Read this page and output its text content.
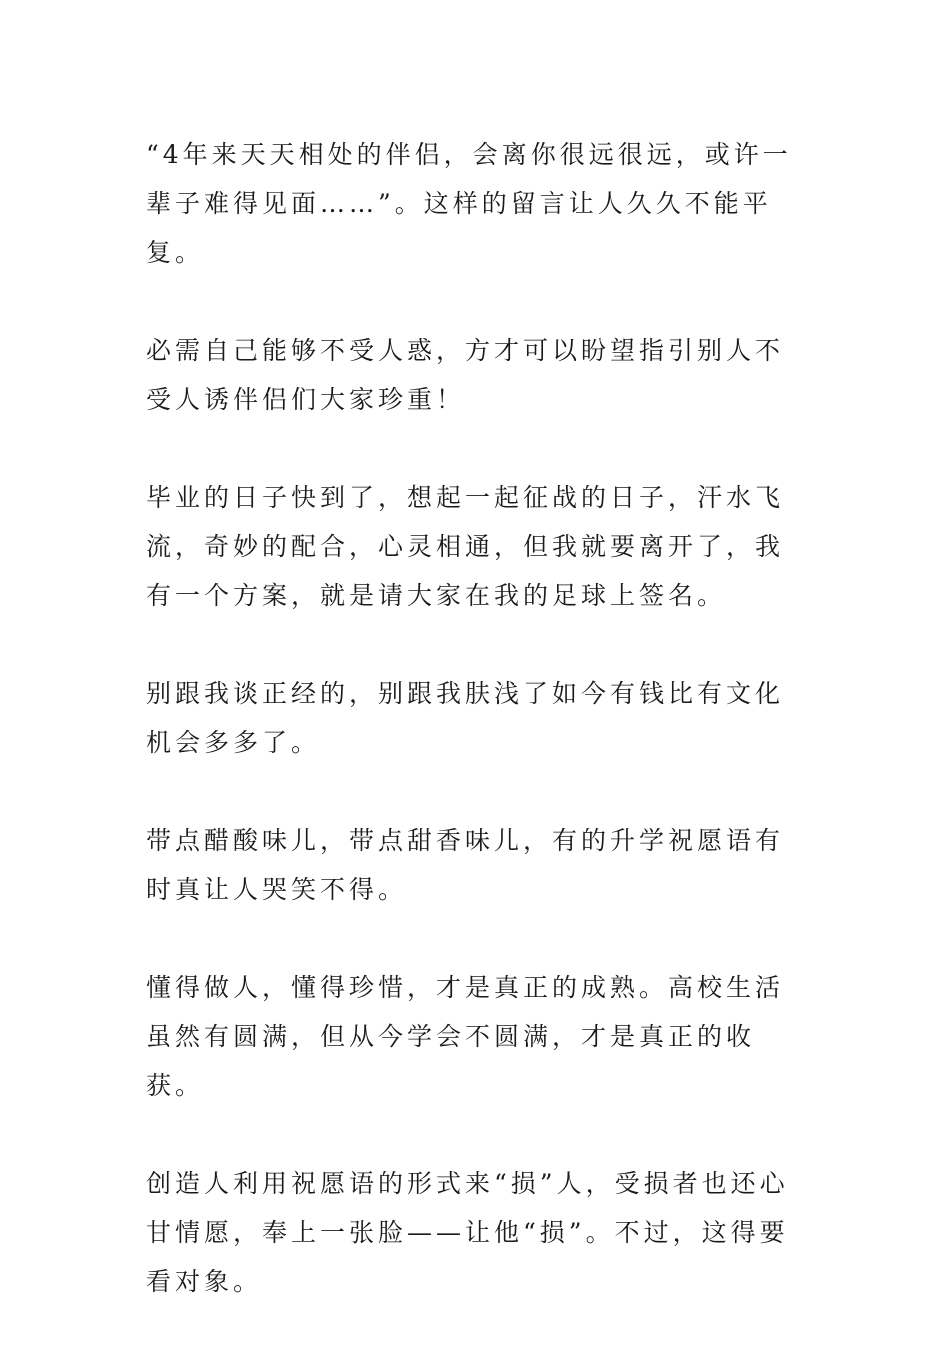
“4年来天天相处的伴侣，会离你很远很远，或许一辈子难得见面……”。这样的留言让人久久不能平复。

必需自己能够不受人惑，方才可以盼望指引别人不受人诱伴侣们大家珍重！

毕业的日子快到了，想起一起征战的日子，汗水飞流，奇妙的配合，心灵相通，但我就要离开了，我有一个方案，就是请大家在我的足球上签名。

别跟我谈正经的，别跟我肤浅了如今有钱比有文化机会多多了。

带点醋酸味儿，带点甜香味儿，有的升学祝愿语有时真让人哭笑不得。

懂得做人，懂得珍惜，才是真正的成熟。高校生活虽然有圆满，但从今学会不圆满，才是真正的收获。

创造人利用祝愿语的形式来“损”人，受损者也还心甘情愿，奉上一张脸——让他“损”。不过，这得要看对象。
